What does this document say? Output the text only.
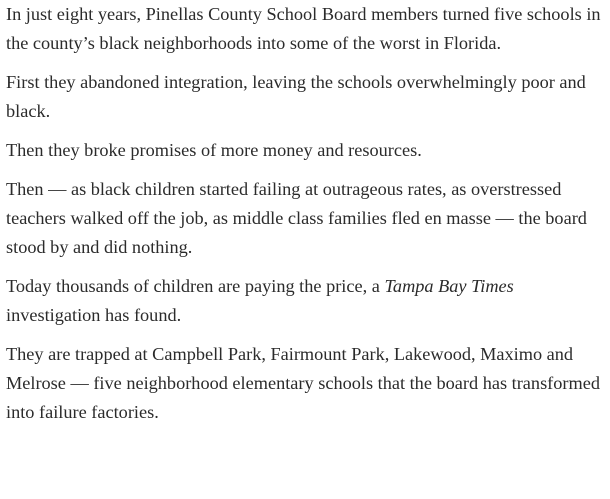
In just eight years, Pinellas County School Board members turned five schools in the county’s black neighborhoods into some of the worst in Florida.

First they abandoned integration, leaving the schools overwhelmingly poor and black.

Then they broke promises of more money and resources.

Then — as black children started failing at outrageous rates, as overstressed teachers walked off the job, as middle class families fled en masse — the board stood by and did nothing.

Today thousands of children are paying the price, a Tampa Bay Times investigation has found.

They are trapped at Campbell Park, Fairmount Park, Lakewood, Maximo and Melrose — five neighborhood elementary schools that the board has transformed into failure factories.
